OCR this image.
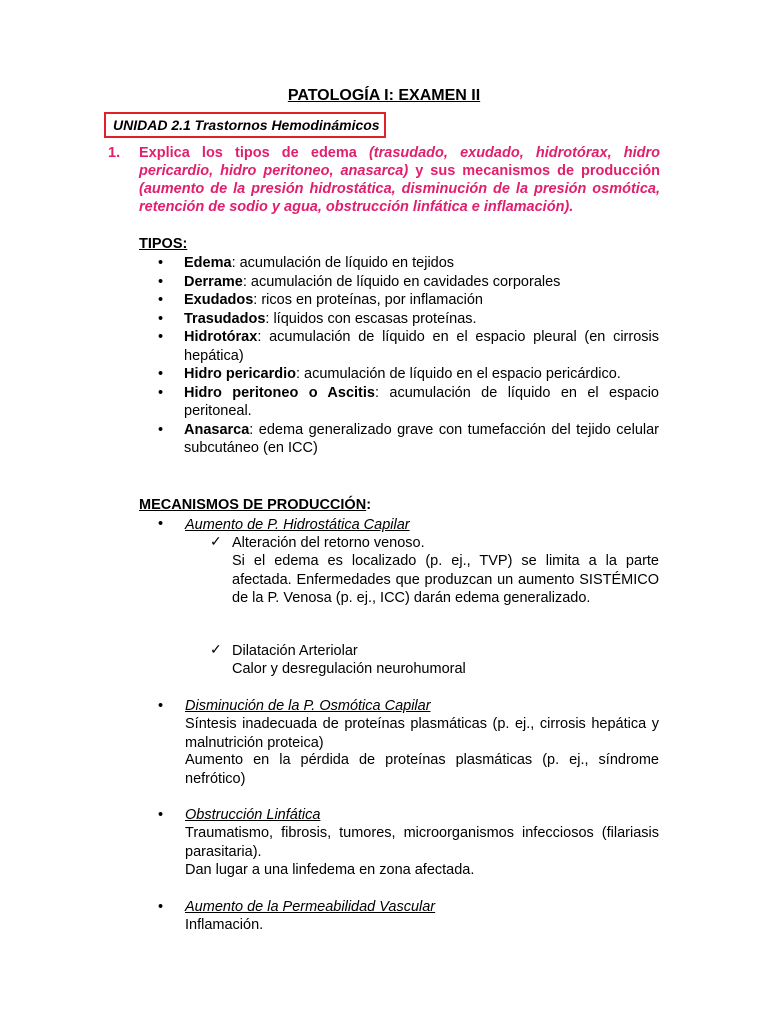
PATOLOGÍA I: EXAMEN II
UNIDAD 2.1 Trastornos Hemodinámicos
1. Explica los tipos de edema (trasudado, exudado, hidrotórax, hidro pericardio, hidro peritoneo, anasarca) y sus mecanismos de producción (aumento de la presión hidrostática, disminución de la presión osmótica, retención de sodio y agua, obstrucción linfática e inflamación).
TIPOS:
• Edema: acumulación de líquido en tejidos
• Derrame: acumulación de líquido en cavidades corporales
• Exudados: ricos en proteínas, por inflamación
• Trasudados: líquidos con escasas proteínas.
• Hidrotórax: acumulación de líquido en el espacio pleural (en cirrosis hepática)
• Hidro pericardio: acumulación de líquido en el espacio pericárdico.
• Hidro peritoneo o Ascitis: acumulación de líquido en el espacio peritoneal.
• Anasarca: edema generalizado grave con tumefacción del tejido celular subcutáneo (en ICC)
MECANISMOS DE PRODUCCIÓN:
• Aumento de P. Hidrostática Capilar
✓ Alteración del retorno venoso.
Si el edema es localizado (p. ej., TVP) se limita a la parte afectada. Enfermedades que produzcan un aumento SISTÉMICO de la P. Venosa (p. ej., ICC) darán edema generalizado.
✓ Dilatación Arteriolar
Calor y desregulación neurohumoral
• Disminución de la P. Osmótica Capilar
Síntesis inadecuada de proteínas plasmáticas (p. ej., cirrosis hepática y malnutrición proteica)
Aumento en la pérdida de proteínas plasmáticas (p. ej., síndrome nefrótico)
• Obstrucción Linfática
Traumatismo, fibrosis, tumores, microorganismos infecciosos (filariasis parasitaria).
Dan lugar a una linfedema en zona afectada.
• Aumento de la Permeabilidad Vascular
Inflamación.
